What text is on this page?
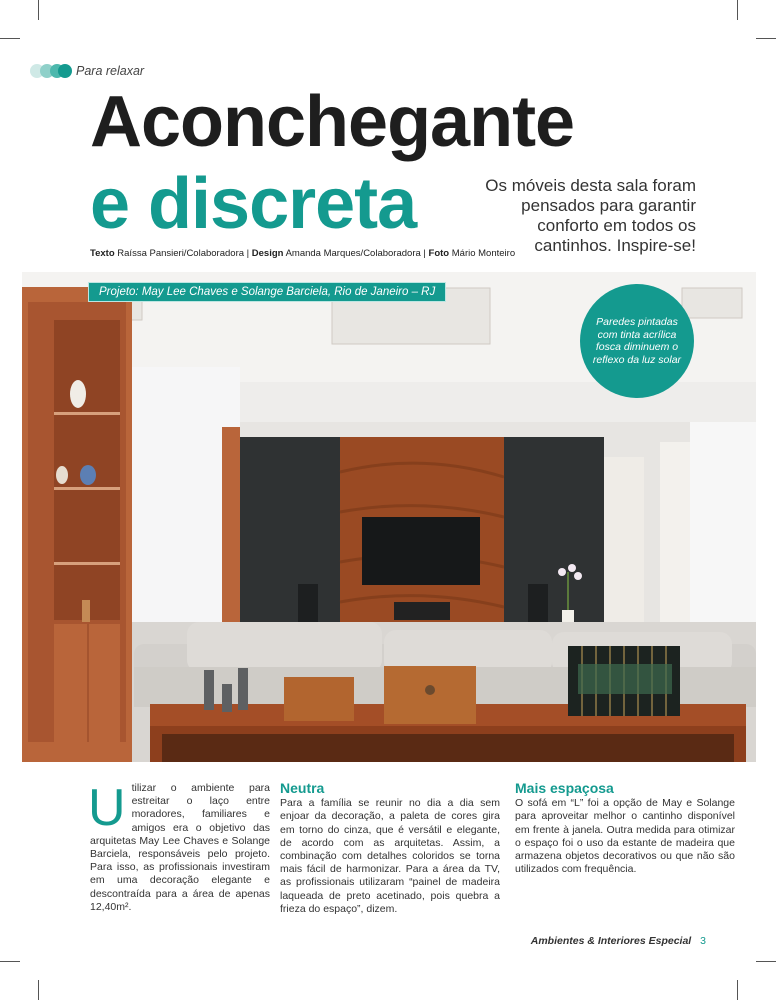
Para relaxar
Aconchegante
e discreta	Os móveis desta sala foram pensados para garantir conforto em todos os cantinhos. Inspire-se!
Texto Raíssa Pansieri/Colaboradora | Design Amanda Marques/Colaboradora | Foto Mário Monteiro
Projeto: May Lee Chaves e Solange Barciela, Rio de Janeiro – RJ
Paredes pintadas com tinta acrílica fosca diminuem o reflexo da luz solar
U tilizar o ambiente para estreitar o laço entre moradores, familiares e amigos era o objetivo das arquitetas May Lee Chaves e Solange Barciela, responsáveis pelo projeto. Para isso, as profissionais investiram em uma decoração elegante e descontraída para a área de apenas 12,40m².

Neutra

Para a família se reunir no dia a dia sem enjoar da decoração, a paleta de cores gira em torno do cinza, que é versátil e elegante, de acordo com as arquitetas. Assim, a combinação com detalhes coloridos se torna mais fácil de harmonizar. Para a área da TV, as profissionais utilizaram “painel de madeira laqueada de preto acetinado, pois quebra a frieza do espaço”, dizem.

Mais espaçosa

O sofá em “L” foi a opção de May e Solange para aproveitar melhor o cantinho disponível em frente à janela. Outra medida para otimizar o espaço foi o uso da estante de madeira que armazena objetos decorativos ou que não são utilizados com frequência.

Ambientes & Interiores Especial 3
